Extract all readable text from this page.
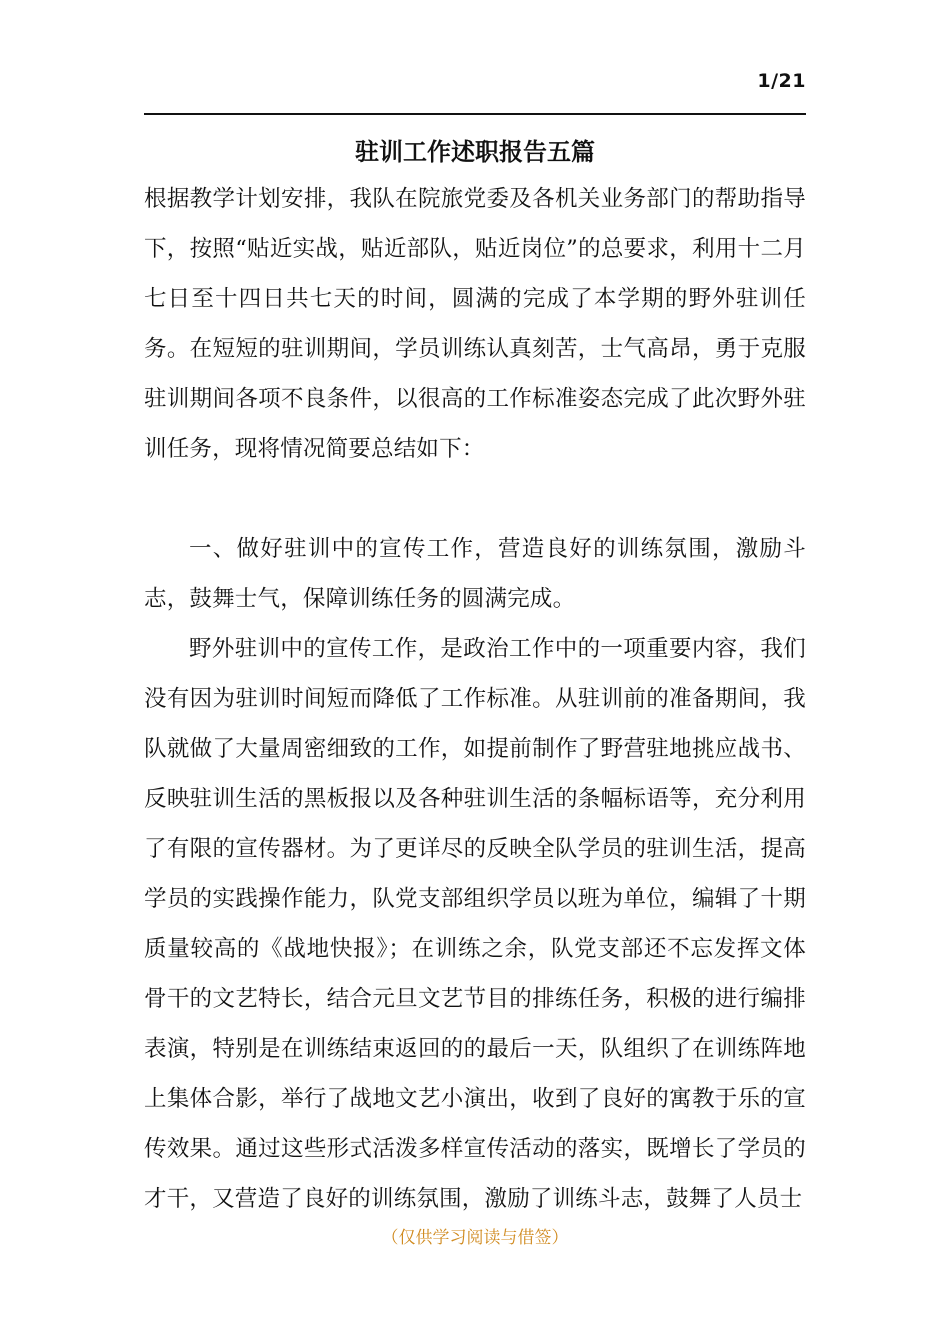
1/21
驻训工作述职报告五篇

根据教学计划安排，我队在院旅党委及各机关业务部门的帮助指导下，按照“贴近实战，贴近部队，贴近岗位”的总要求，利用十二月七日至十四日共七天的时间，圆满的完成了本学期的野外驻训任务。在短短的驻训期间，学员训练认真刻苦，士气高昂，勇于克服驻训期间各项不良条件，以很高的工作标准姿态完成了此次野外驻训任务，现将情况简要总结如下：

一、做好驻训中的宣传工作，营造良好的训练氛围，激励斗志，鼓舞士气，保障训练任务的圆满完成。

野外驻训中的宣传工作，是政治工作中的一项重要内容，我们没有因为驻训时间短而降低了工作标准。从驻训前的准备期间，我队就做了大量周密细致的工作，如提前制作了野营驻地挑应战书、反映驻训生活的黑板报以及各种驻训生活的条幅标语等，充分利用了有限的宣传器材。为了更详尽的反映全队学员的驻训生活，提高学员的实践操作能力，队党支部组织学员以班为单位，编辑了十期质量较高的《战地快报》；在训练之余，队党支部还不忘发挥文体骨干的文艺特长，结合元旦文艺节目的排练任务，积极的进行编排表演，特别是在训练结束返回的的最后一天，队组织了在训练阵地上集体合影，举行了战地文艺小演出，收到了良好的寓教于乐的宣传效果。通过这些形式活泼多样宣传活动的落实，既增长了学员的才干，又营造了良好的训练氛围，激励了训练斗志，鼓舞了人员士

（仅供学习阅读与借签）
